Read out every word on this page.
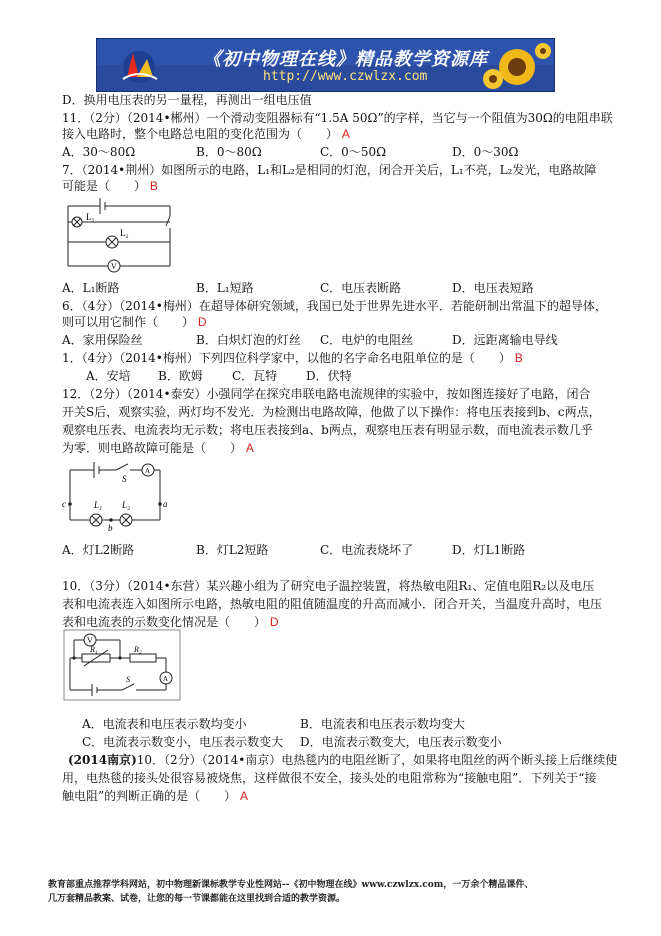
《初中物理在线》精品教学资源库
http://www.czwlzx.com
D．换用电压表的另一量程，再测出一组电压值
11．（2分）（2014•郴州）一个滑动变阻器标有“1.5A 50Ω”的字样，当它与一个阻值为30Ω的电阻串联
接入电路时，整个电路总电阻的变化范围为（　　） A
A．30～80Ω	B．0～80Ω	C．0～50Ω	D．0～30Ω
7．（2014•荆州）如图所示的电路，L₁和L₂是相同的灯泡，闭合开关后，L₁不亮，L₂发光，电路故障
可能是（　　） B
L₁
L₂
V
A．L₁断路	B．L₁短路	C．电压表断路	D．电压表短路
6．（4分）（2014•梅州）在超导体研究领域，我国已处于世界先进水平．若能研制出常温下的超导体，
则可以用它制作（　　） D
A．家用保险丝	B．白炽灯泡的灯丝 C．电炉的电阻丝	D．远距离输电导线
1．（4分）（2014•梅州）下列四位科学家中，以他的名字命名电阻单位的是（　　） B
A．安培 B．欧姆 C．瓦特 D．伏特
12．（2分）（2014•泰安）小强同学在探究串联电路电流规律的实验中，按如图连接好了电路，闭合
开关S后，观察实验，两灯均不发光．为检测出电路故障，他做了以下操作：将电压表接到b、c两点，
观察电压表、电流表均无示数；将电压表接到a、b两点，观察电压表有明显示数，而电流表示数几乎
为零．则电路故障可能是（　　） A
S
L₁ L₂
c	a
b
A
A．灯L2断路	B．灯L2短路	C．电流表烧坏了	D．灯L1断路
10．（3分）（2014•东营）某兴趣小组为了研究电子温控装置，将热敏电阻R₁、定值电阻R₂以及电压
表和电流表连入如图所示电路，热敏电阻的阻值随温度的升高而减小．闭合开关，当温度升高时，电压
表和电流表的示数变化情况是（　　） D
V
R₁	R₂
S	A
A．电流表和电压表示数均变小	B．电流表和电压表示数均变大
C．电流表示数变小，电压表示数变大 D．电流表示数变大，电压表示数变小
(2014南京)10．（2分）（2014•南京）电热毯内的电阻丝断了，如果将电阻丝的两个断头接上后继续使
用，电热毯的接头处很容易被烧焦，这样做很不安全，接头处的电阻常称为“接触电阻”．下列关于“接
触电阻”的判断正确的是（　　） A
教育部重点推荐学科网站，初中物理新课标教学专业性网站--《初中物理在线》www.czwlzx.com，一万余个精品课件、
几万套精品教案、试卷，让您的每一节课都能在这里找到合适的教学资源。
